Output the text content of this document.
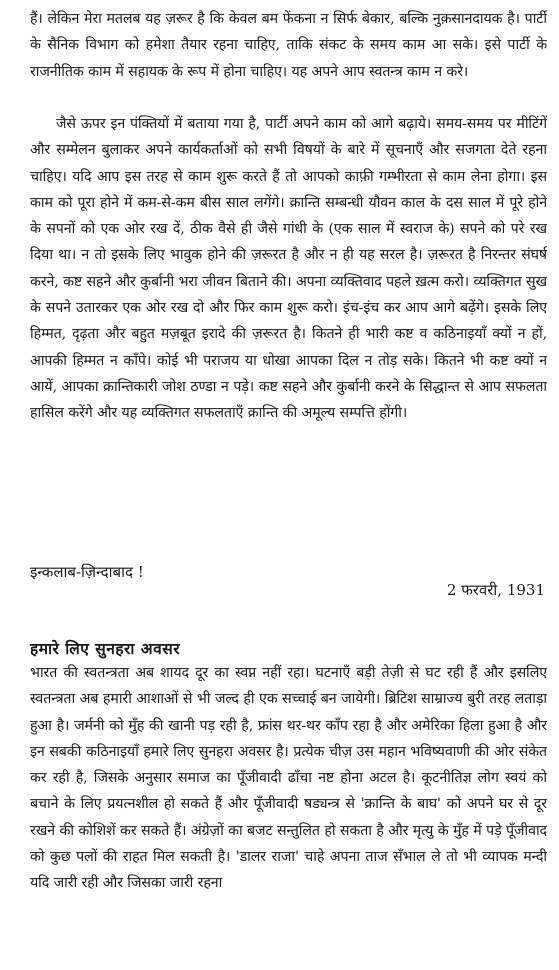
हैं। लेकिन मेरा मतलब यह ज़रूर है कि केवल बम फेंकना न सिर्फ बेकार, बल्कि नुक़सानदायक है। पार्टी के सैनिक विभाग को हमेशा तैयार रहना चाहिए, ताकि संकट के समय काम आ सके। इसे पार्टी के राजनीतिक काम में सहायक के रूप में होना चाहिए। यह अपने आप स्वतन्त्र काम न करे।

जैसे ऊपर इन पंक्तियों में बताया गया है, पार्टी अपने काम को आगे बढ़ाये। समय-समय पर मीटिंगें और सम्मेलन बुलाकर अपने कार्यकर्ताओं को सभी विषयों के बारे में सूचनाएँ और सजगता देते रहना चाहिए। यदि आप इस तरह से काम शुरू करते हैं तो आपको काफ़ी गम्भीरता से काम लेना होगा। इस काम को पूरा होने में कम-से-कम बीस साल लगेंगे। क्रान्ति सम्बन्धी यौवन काल के दस साल में पूरे होने के सपनों को एक ओर रख दें, ठीक वैसे ही जैसे गांधी के (एक साल में स्वराज के) सपने को परे रख दिया था। न तो इसके लिए भावुक होने की ज़रूरत है और न ही यह सरल है। ज़रूरत है निरन्तर संघर्ष करने, कष्ट सहने और कुर्बानी भरा जीवन बिताने की। अपना व्यक्तिवाद पहले ख़त्म करो। व्यक्तिगत सुख के सपने उतारकर एक ओर रख दो और फिर काम शुरू करो। इंच-इंच कर आप आगे बढ़ेंगे। इसके लिए हिम्मत, दृढ़ता और बहुत मज़बूत इरादे की ज़रूरत है। कितने ही भारी कष्ट व कठिनाइयाँ क्यों न हों, आपकी हिम्मत न काँपे। कोई भी पराजय या धोखा आपका दिल न तोड़ सके। कितने भी कष्ट क्यों न आयें, आपका क्रान्तिकारी जोश ठण्डा न पड़े। कष्ट सहने और कुर्बानी करने के सिद्धान्त से आप सफलता हासिल करेंगे और यह व्यक्तिगत सफलताएँ क्रान्ति की अमूल्य सम्पत्ति होंगी।

इन्कलाब-ज़िन्दाबाद !

2 फरवरी, 1931

हमारे लिए सुनहरा अवसर

भारत की स्वतन्त्रता अब शायद दूर का स्वप्न नहीं रहा। घटनाएँ बड़ी तेज़ी से घट रही हैं और इसलिए स्वतन्त्रता अब हमारी आशाओं से भी जल्द ही एक सच्चाई बन जायेगी। ब्रिटिश साम्राज्य बुरी तरह लताड़ा हुआ है। जर्मनी को मुँह की खानी पड़ रही है, फ्रांस थर-थर काँप रहा है और अमेरिका हिला हुआ है और इन सबकी कठिनाइयाँ हमारे लिए सुनहरा अवसर है। प्रत्येक चीज़ उस महान भविष्यवाणी की ओर संकेत कर रही है, जिसके अनुसार समाज का पूँजीवादी ढाँचा नष्ट होना अटल है। कूटनीतिज्ञ लोग स्वयं को बचाने के लिए प्रयत्नशील हो सकते हैं और पूँजीवादी षड्यन्त्र से 'क्रान्ति के बाघ' को अपने घर से दूर रखने की कोशिशें कर सकते हैं। अंग्रेज़ों का बजट सन्तुलित हो सकता है और मृत्यु के मुँह में पड़े पूँजीवाद को कुछ पलों की राहत मिल सकती है। 'डालर राजा' चाहे अपना ताज सँभाल ले तो भी व्यापक मन्दी यदि जारी रही और जिसका जारी रहना
